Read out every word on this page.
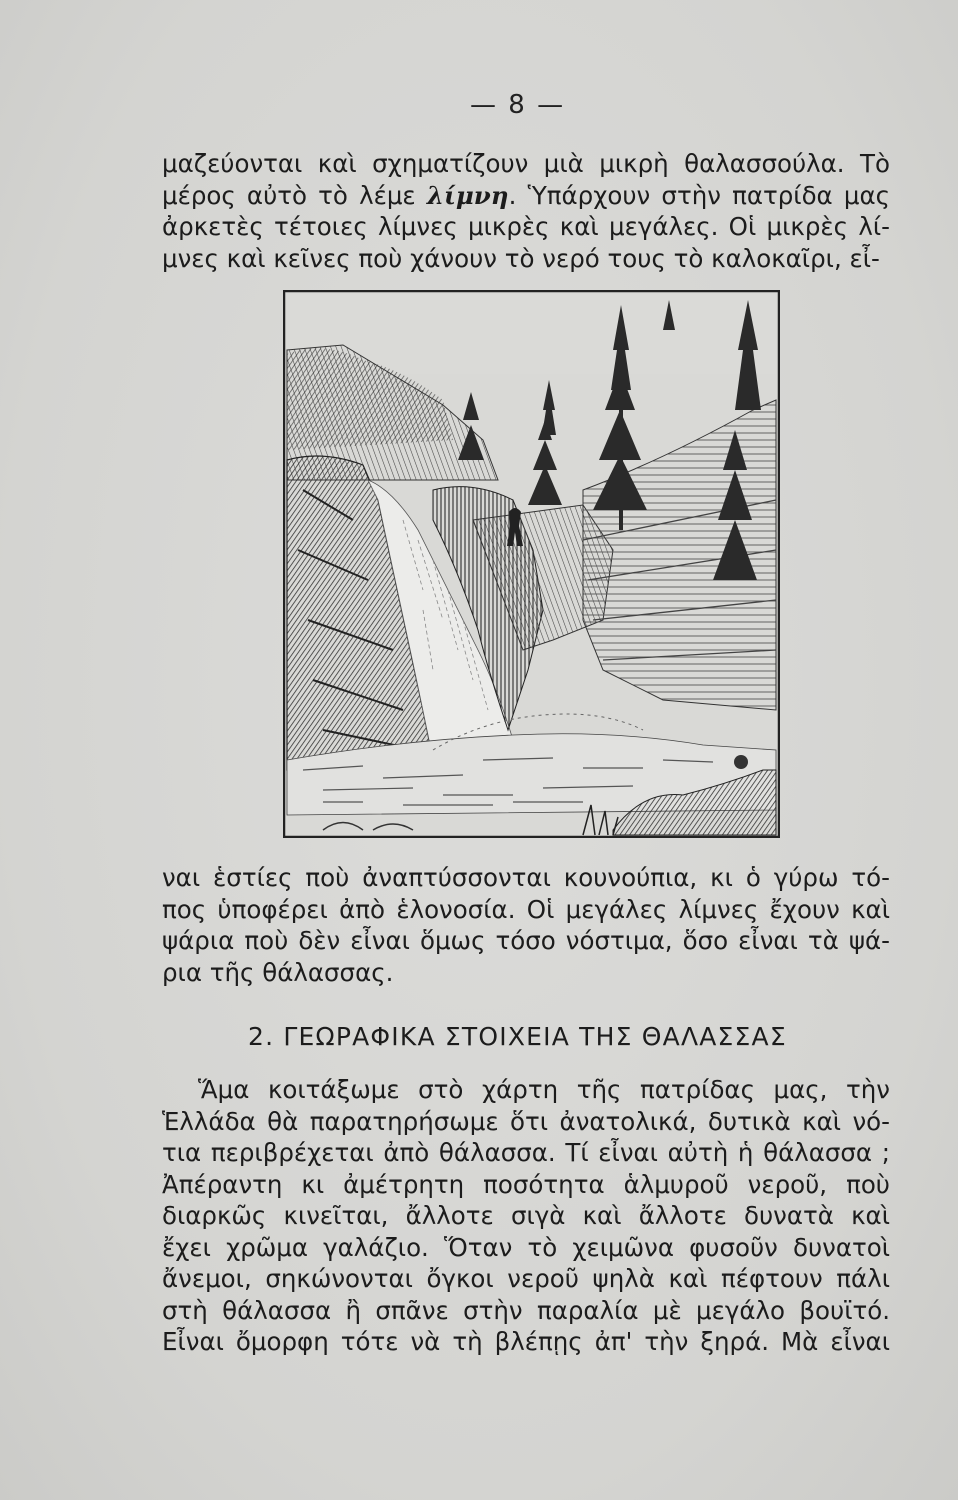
— 8 —
μαζεύονται καὶ σχηματίζουν μιὰ μικρὴ θαλασσούλα. Τὸ
μέρος αὐτὸ τὸ λέμε λίμνη. Ὑπάρχουν στὴν πατρίδα μας
ἀρκετὲς τέτοιες λίμνες μικρὲς καὶ μεγάλες. Οἱ μικρὲς λί-
μνες καὶ κεῖνες ποὺ χάνουν τὸ νερό τους τὸ καλοκαῖρι, εἶ-
ναι ἑστίες ποὺ ἀναπτύσσονται κουνούπια, κι ὁ γύρω τό-
πος ὑποφέρει ἀπὸ ἑλονοσία. Οἱ μεγάλες λίμνες ἔχουν καὶ
ψάρια ποὺ δὲν εἶναι ὅμως τόσο νόστιμα, ὅσο εἶναι τὰ ψά-
ρια τῆς θάλασσας.
2. ΓΕΩΡΑΦΙΚΑ ΣΤΟΙΧΕΙΑ ΤΗΣ ΘΑΛΑΣΣΑΣ
Ἅμα κοιτάξωμε στὸ χάρτη τῆς πατρίδας μας, τὴν
Ἑλλάδα θὰ παρατηρήσωμε ὅτι ἀνατολικά, δυτικὰ καὶ νό-
τια περιβρέχεται ἀπὸ θάλασσα. Τί εἶναι αὐτὴ ἡ θάλασσα ;
Ἀπέραντη κι ἀμέτρητη ποσότητα ἁλμυροῦ νεροῦ, ποὺ
διαρκῶς κινεῖται, ἄλλοτε σιγὰ καὶ ἄλλοτε δυνατὰ καὶ
ἔχει χρῶμα γαλάζιο. Ὅταν τὸ χειμῶνα φυσοῦν δυνατοὶ
ἄνεμοι, σηκώνονται ὄγκοι νεροῦ ψηλὰ καὶ πέφτουν πάλι
στὴ θάλασσα ἢ σπᾶνε στὴν παραλία μὲ μεγάλο βουϊτό.
Εἶναι ὄμορφη τότε νὰ τὴ βλέπῃς ἀπ' τὴν ξηρά. Μὰ εἶναι
